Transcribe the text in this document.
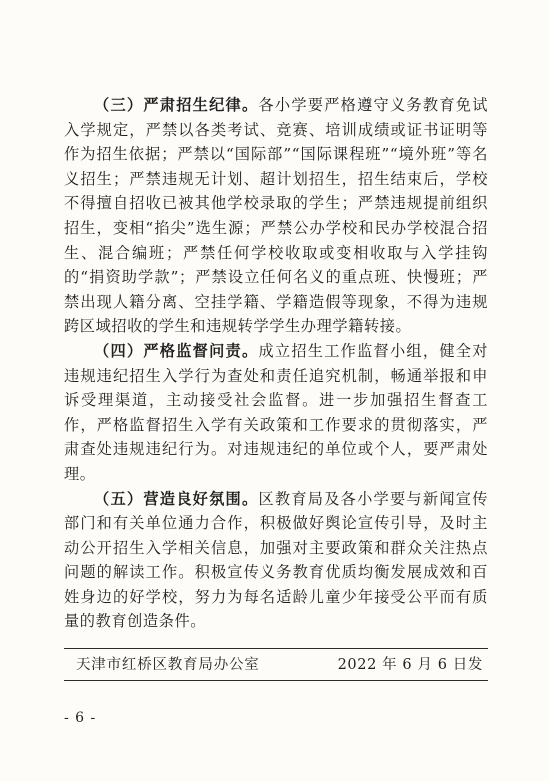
（三）严肃招生纪律。各小学要严格遵守义务教育免试入学规定，严禁以各类考试、竞赛、培训成绩或证书证明等作为招生依据；严禁以“国际部”“国际课程班”“境外班”等名义招生；严禁违规无计划、超计划招生，招生结束后，学校不得擅自招收已被其他学校录取的学生；严禁违规提前组织招生，变相“掐尖”选生源；严禁公办学校和民办学校混合招生、混合编班；严禁任何学校收取或变相收取与入学挂钩的“捐资助学款”；严禁设立任何名义的重点班、快慢班；严禁出现人籍分离、空挂学籍、学籍造假等现象，不得为违规跨区域招收的学生和违规转学学生办理学籍转接。

（四）严格监督问责。成立招生工作监督小组，健全对违规违纪招生入学行为查处和责任追究机制，畅通举报和申诉受理渠道，主动接受社会监督。进一步加强招生督查工作，严格监督招生入学有关政策和工作要求的贯彻落实，严肃查处违规违纪行为。对违规违纪的单位或个人，要严肃处理。

（五）营造良好氛围。区教育局及各小学要与新闻宣传部门和有关单位通力合作，积极做好舆论宣传引导，及时主动公开招生入学相关信息，加强对主要政策和群众关注热点问题的解读工作。积极宣传义务教育优质均衡发展成效和百姓身边的好学校，努力为每名适龄儿童少年接受公平而有质量的教育创造条件。

天津市红桥区教育局办公室	2022 年 6 月 6 日发
- 6 -
